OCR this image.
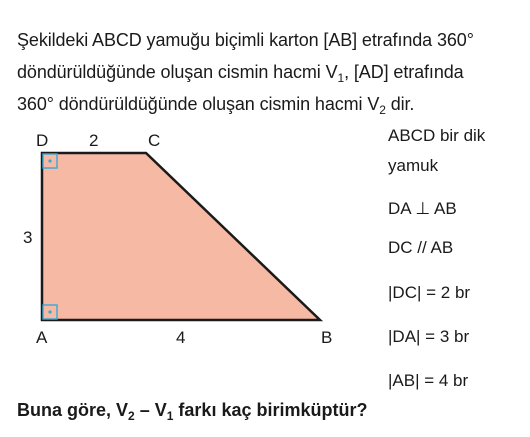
Şekildeki ABCD yamuğu biçimli karton [AB] etrafında 360°
döndürüldüğünde oluşan cismin hacmi $V_1$, [AD] etrafında
360° döndürüldüğünde oluşan cismin hacmi $V_2$ dir.
D	C
A	B
2
3
4
ABCD bir dik
yamuk
DA ⊥ AB
DC // AB
|DC| = 2 br
|DA| = 3 br
|AB| = 4 br
Buna göre, $V_2 - V_1$ farkı kaç birimküptür?
